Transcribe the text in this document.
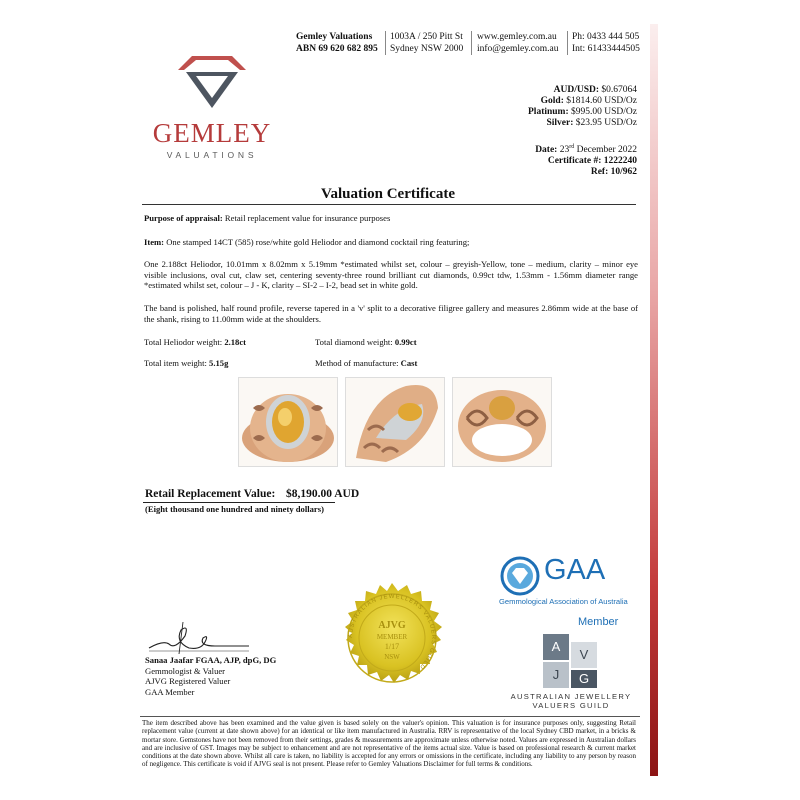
Gemley Valuations
ABN 69 620 682 895
1003A / 250 Pitt St
Sydney NSW 2000
www.gemley.com.au
info@gemley.com.au
Ph: 0433 444 505
Int: 61433444505
GEMLEY
VALUATIONS
AUD/USD: $0.67064
Gold: $1814.60 USD/Oz
Platinum: $995.00 USD/Oz
Silver: $23.95 USD/Oz
Date: 23rd December 2022
Certificate #: 1222240
Ref: 10/962
Valuation Certificate
Purpose of appraisal: Retail replacement value for insurance purposes
Item: One stamped 14CT (585) rose/white gold Heliodor and diamond cocktail ring featuring;
One 2.188ct Heliodor, 10.01mm x 8.02mm x 5.19mm *estimated whilst set, colour – greyish-Yellow, tone – medium, clarity – minor eye visible inclusions, oval cut, claw set, centering seventy-three round brilliant cut diamonds, 0.99ct tdw, 1.53mm - 1.56mm diameter range *estimated whilst set, colour – J - K, clarity – SI-2 – I-2, bead set in white gold.
The band is polished, half round profile, reverse tapered in a 'v' split to a decorative filigree gallery and measures 2.86mm wide at the base of the shank, rising to 11.00mm wide at the shoulders.
Total Heliodor weight: 2.18ct	Total diamond weight: 0.99ct
Total item weight: 5.15g	Method of manufacture: Cast
Retail Replacement Value: $8,190.00 AUD
(Eight thousand one hundred and ninety dollars)
GAA
Gemmological Association of Australia
Member
A
V
J	G
AUSTRALIAN JEWELLERY
VALUERS GUILD
AUSTRALIAN JEWELLERS VALUERS GUILD
AJVG
MEMBER
1/17
NSW
Sanaa Jaafar FGAA, AJP, dpG, DG
Gemmologist & Valuer
AJVG Registered Valuer
GAA Member
The item described above has been examined and the value given is based solely on the valuer's opinion. This valuation is for insurance purposes only, suggesting Retail replacement value (current at date shown above) for an identical or like item manufactured in Australia. RRV is representative of the local Sydney CBD market, in a bricks & mortar store. Gemstones have not been removed from their settings, grades & measurements are approximate unless otherwise noted. Values are expressed in Australian dollars and are inclusive of GST. Images may be subject to enhancement and are not representative of the items actual size. Value is based on professional research & current market conditions at the date shown above. Whilst all care is taken, no liability is accepted for any errors or omissions in the certificate, including any liability to any person by reason of negligence. This certificate is void if AJVG seal is not present. Please refer to Gemley Valuations Disclaimer for full terms & conditions.
